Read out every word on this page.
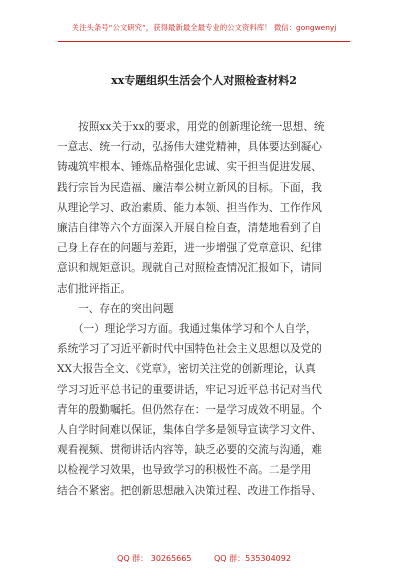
关注头条号“公文研究”，获得最新最全最专业的公文资料库！ 微信：gongwenyj
xx专题组织生活会个人对照检查材料2

　　按照xx关于xx的要求，用党的创新理论统一思想、统

一意志、统一行动，弘扬伟大建党精神，具体要达到凝心

铸魂筑牢根本、锤炼品格强化忠诚、实干担当促进发展、

践行宗旨为民造福、廉洁奉公树立新风的目标。下面，我

从理论学习、政治素质、能力本领、担当作为、工作作风

廉洁自律等六个方面深入开展自检自查，清楚地看到了自

己身上存在的问题与差距，进一步增强了党章意识、纪律

意识和规矩意识。现就自己对照检查情况汇报如下，请同

志们批评指正。

　　一、存在的突出问题

　　（一）理论学习方面。我通过集体学习和个人自学，

系统学习了习近平新时代中国特色社会主义思想以及党的

XX大报告全文、《党章》，密切关注党的创新理论，认真

学习习近平总书记的重要讲话，牢记习近平总书记对当代

青年的殷勤嘱托。但仍然存在：一是学习成效不明显。个

人自学时间难以保证，集体自学多是领导宣读学习文件、

观看视频、贯彻讲话内容等，缺乏必要的交流与沟通，难

以检视学习效果，也导致学习的积极性不高。二是学用

结合不紧密。把创新思想融入决策过程、改进工作指导、

QQ 群： 30265665	QQ 群：535304092
